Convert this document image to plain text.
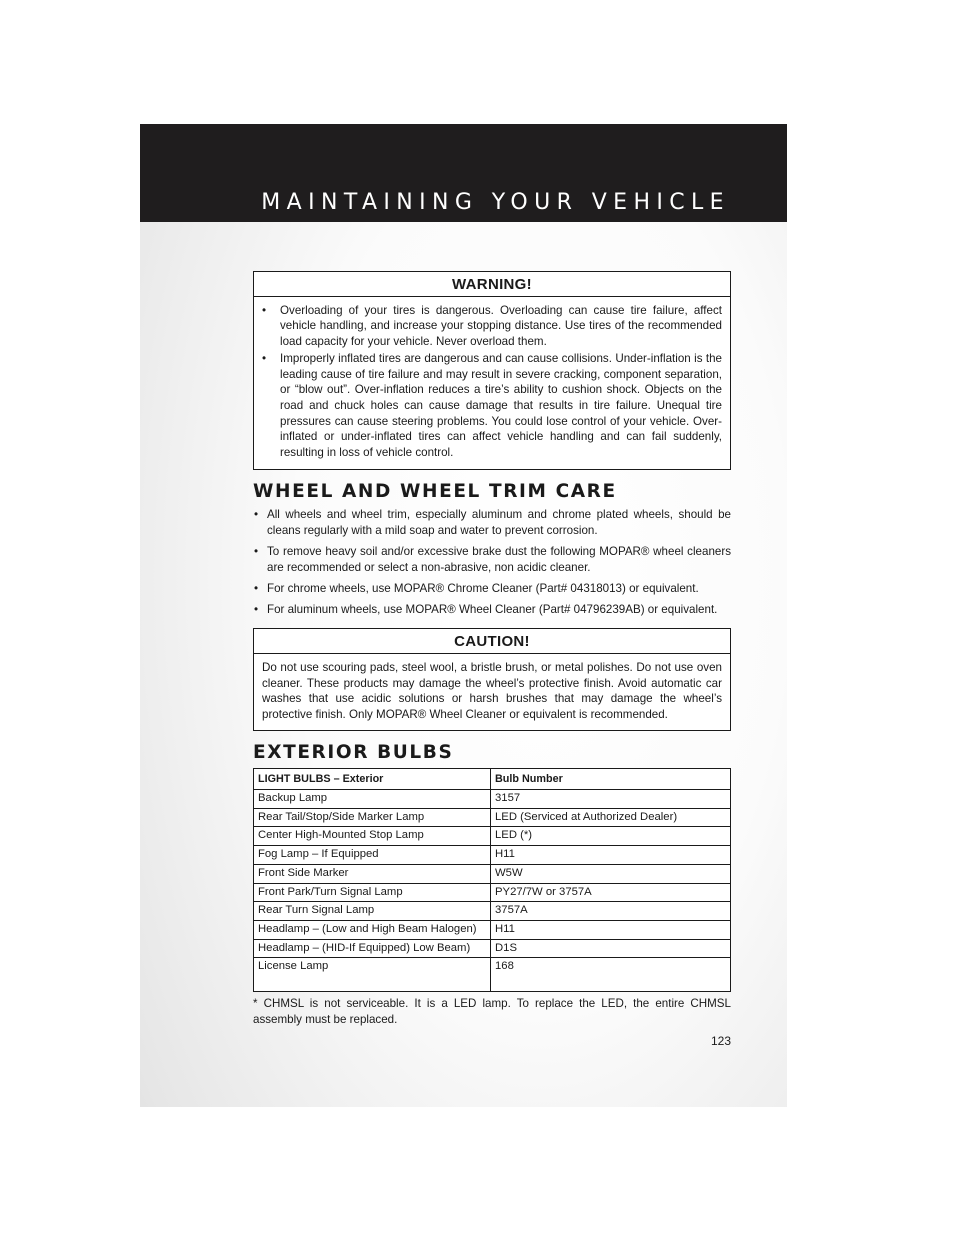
MAINTAINING YOUR VEHICLE
WARNING!
• Overloading of your tires is dangerous. Overloading can cause tire failure, affect vehicle handling, and increase your stopping distance. Use tires of the recommended load capacity for your vehicle. Never overload them.
• Improperly inflated tires are dangerous and can cause collisions. Under-inflation is the leading cause of tire failure and may result in severe cracking, component separation, or “blow out”. Over-inflation reduces a tire’s ability to cushion shock. Objects on the road and chuck holes can cause damage that results in tire failure. Unequal tire pressures can cause steering problems. You could lose control of your vehicle. Over-inflated or under-inflated tires can affect vehicle handling and can fail suddenly, resulting in loss of vehicle control.
WHEEL AND WHEEL TRIM CARE
• All wheels and wheel trim, especially aluminum and chrome plated wheels, should be cleans regularly with a mild soap and water to prevent corrosion.
• To remove heavy soil and/or excessive brake dust the following MOPAR® wheel cleaners are recommended or select a non-abrasive, non acidic cleaner.
• For chrome wheels, use MOPAR® Chrome Cleaner (Part# 04318013) or equivalent.
• For aluminum wheels, use MOPAR® Wheel Cleaner (Part# 04796239AB) or equivalent.
CAUTION!
Do not use scouring pads, steel wool, a bristle brush, or metal polishes. Do not use oven cleaner. These products may damage the wheel’s protective finish. Avoid automatic car washes that use acidic solutions or harsh brushes that may damage the wheel’s protective finish. Only MOPAR® Wheel Cleaner or equivalent is recommended.
EXTERIOR BULBS
LIGHT BULBS – Exterior	Bulb Number
Backup Lamp	3157
Rear Tail/Stop/Side Marker Lamp	LED (Serviced at Authorized Dealer)
Center High-Mounted Stop Lamp	LED (*)
Fog Lamp – If Equipped	H11
Front Side Marker	W5W
Front Park/Turn Signal Lamp	PY27/7W or 3757A
Rear Turn Signal Lamp	3757A
Headlamp – (Low and High Beam Halogen)	H11
Headlamp – (HID-If Equipped) Low Beam)	D1S
License Lamp	168
* CHMSL is not serviceable. It is a LED lamp. To replace the LED, the entire CHMSL assembly must be replaced.
123
